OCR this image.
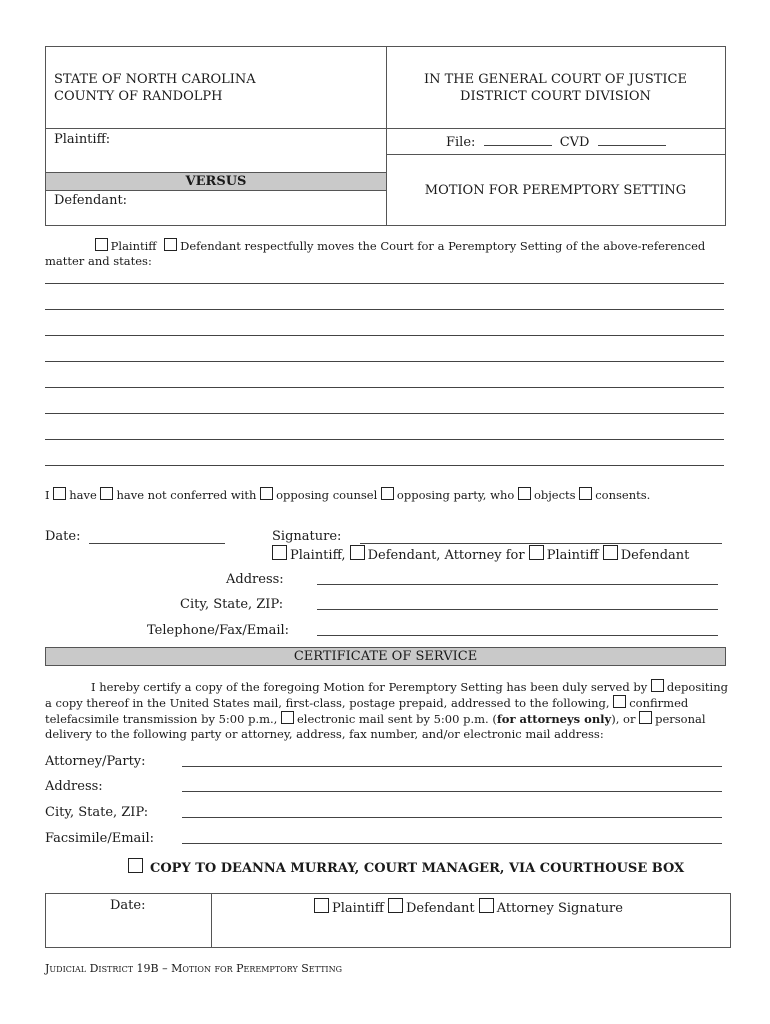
STATE OF NORTH CAROLINA
COUNTY OF RANDOLPH
IN THE GENERAL COURT OF JUSTICE
DISTRICT COURT DIVISION
Plaintiff:	File:	CVD
VERSUS
Defendant:
MOTION FOR PEREMPTORY SETTING
Plaintiff Defendant respectfully moves the Court for a Peremptory Setting of the above-referenced
matter and states:
I have have not conferred with opposing counsel opposing party, who objects consents.
Date:	Signature:
Plaintiff, Defendant, Attorney for Plaintiff Defendant
Address:
City, State, ZIP:
Telephone/Fax/Email:
CERTIFICATE OF SERVICE
I hereby certify a copy of the foregoing Motion for Peremptory Setting has been duly served by depositing
a copy thereof in the United States mail, first-class, postage prepaid, addressed to the following, confirmed
telefacsimile transmission by 5:00 p.m., electronic mail sent by 5:00 p.m. (for attorneys only), or personal
delivery to the following party or attorney, address, fax number, and/or electronic mail address:
Attorney/Party:
Address:
City, State, ZIP:
Facsimile/Email:
COPY TO DEANNA MURRAY, COURT MANAGER, VIA COURTHOUSE BOX
Date:	Plaintiff Defendant Attorney Signature
Judicial District 19B – Motion for Peremptory Setting
